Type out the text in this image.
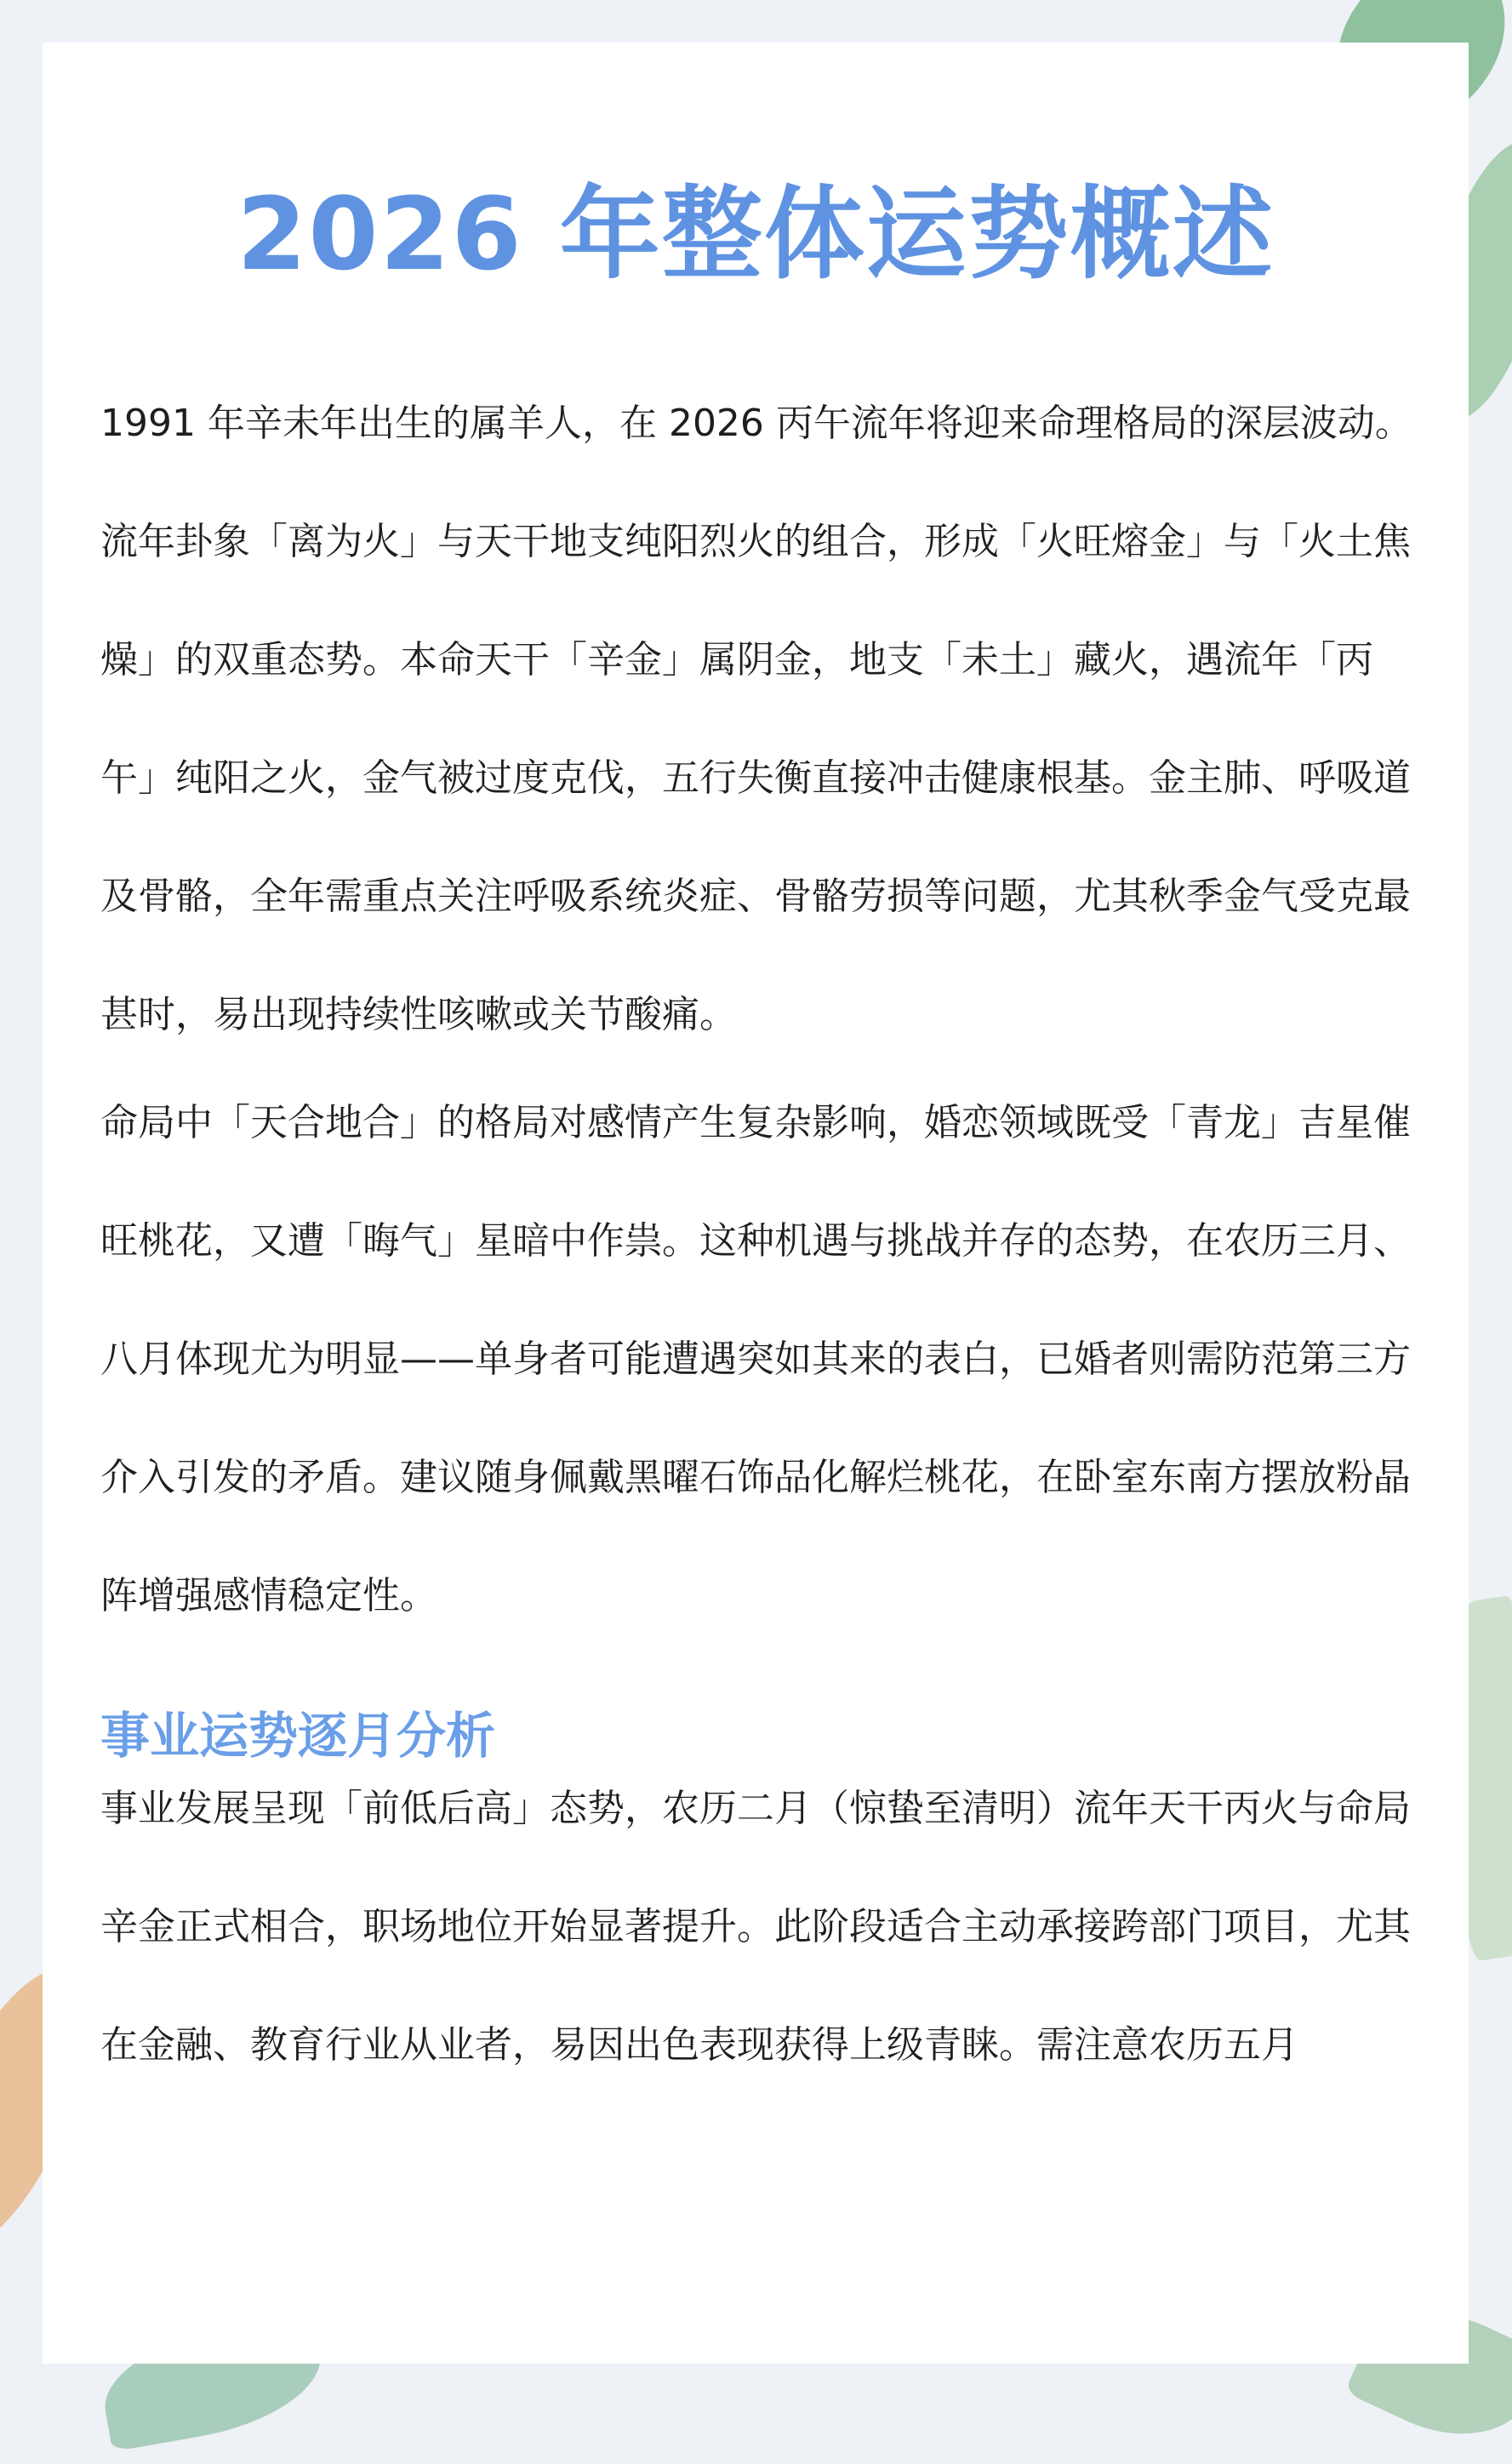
2026 年整体运势概述

1991 年辛未年出生的属羊人，在 2026 丙午流年将迎来命理格局的深层波动。流年卦象「离为火」与天干地支纯阳烈火的组合，形成「火旺熔金」与「火土焦燥」的双重态势。本命天干「辛金」属阴金，地支「未土」藏火，遇流年「丙午」纯阳之火，金气被过度克伐，五行失衡直接冲击健康根基。金主肺、呼吸道及骨骼，全年需重点关注呼吸系统炎症、骨骼劳损等问题，尤其秋季金气受克最甚时，易出现持续性咳嗽或关节酸痛。

命局中「天合地合」的格局对感情产生复杂影响，婚恋领域既受「青龙」吉星催旺桃花，又遭「晦气」星暗中作祟。这种机遇与挑战并存的态势，在农历三月、八月体现尤为明显——单身者可能遭遇突如其来的表白，已婚者则需防范第三方介入引发的矛盾。建议随身佩戴黑曜石饰品化解烂桃花，在卧室东南方摆放粉晶阵增强感情稳定性。

事业运势逐月分析

事业发展呈现「前低后高」态势，农历二月（惊蛰至清明）流年天干丙火与命局辛金正式相合，职场地位开始显著提升。此阶段适合主动承接跨部门项目，尤其在金融、教育行业从业者，易因出色表现获得上级青睐。需注意农历五月
